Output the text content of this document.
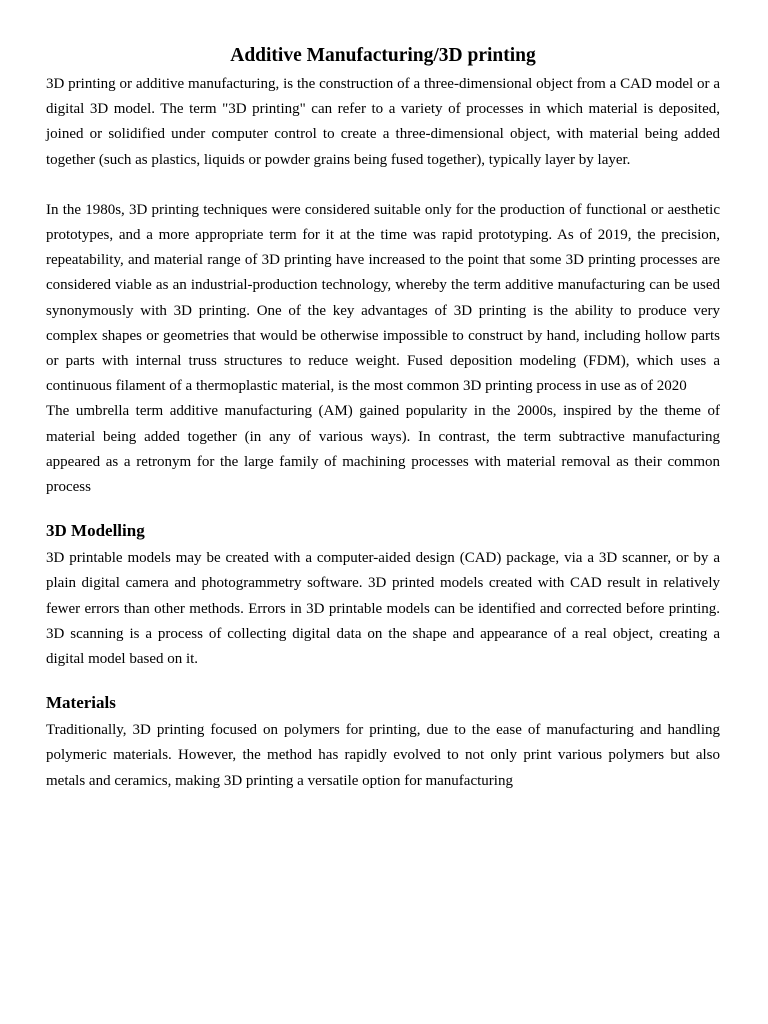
Additive Manufacturing/3D printing

3D printing or additive manufacturing, is the construction of a three-dimensional object from a CAD model or a digital 3D model. The term "3D printing" can refer to a variety of processes in which material is deposited, joined or solidified under computer control to create a three-dimensional object, with material being added together (such as plastics, liquids or powder grains being fused together), typically layer by layer.

In the 1980s, 3D printing techniques were considered suitable only for the production of functional or aesthetic prototypes, and a more appropriate term for it at the time was rapid prototyping. As of 2019, the precision, repeatability, and material range of 3D printing have increased to the point that some 3D printing processes are considered viable as an industrial-production technology, whereby the term additive manufacturing can be used synonymously with 3D printing. One of the key advantages of 3D printing is the ability to produce very complex shapes or geometries that would be otherwise impossible to construct by hand, including hollow parts or parts with internal truss structures to reduce weight. Fused deposition modeling (FDM), which uses a continuous filament of a thermoplastic material, is the most common 3D printing process in use as of 2020

The umbrella term additive manufacturing (AM) gained popularity in the 2000s, inspired by the theme of material being added together (in any of various ways). In contrast, the term subtractive manufacturing appeared as a retronym for the large family of machining processes with material removal as their common process

3D Modelling

3D printable models may be created with a computer-aided design (CAD) package, via a 3D scanner, or by a plain digital camera and photogrammetry software. 3D printed models created with CAD result in relatively fewer errors than other methods. Errors in 3D printable models can be identified and corrected before printing. 3D scanning is a process of collecting digital data on the shape and appearance of a real object, creating a digital model based on it.

Materials

Traditionally, 3D printing focused on polymers for printing, due to the ease of manufacturing and handling polymeric materials. However, the method has rapidly evolved to not only print various polymers but also metals and ceramics, making 3D printing a versatile option for manufacturing
